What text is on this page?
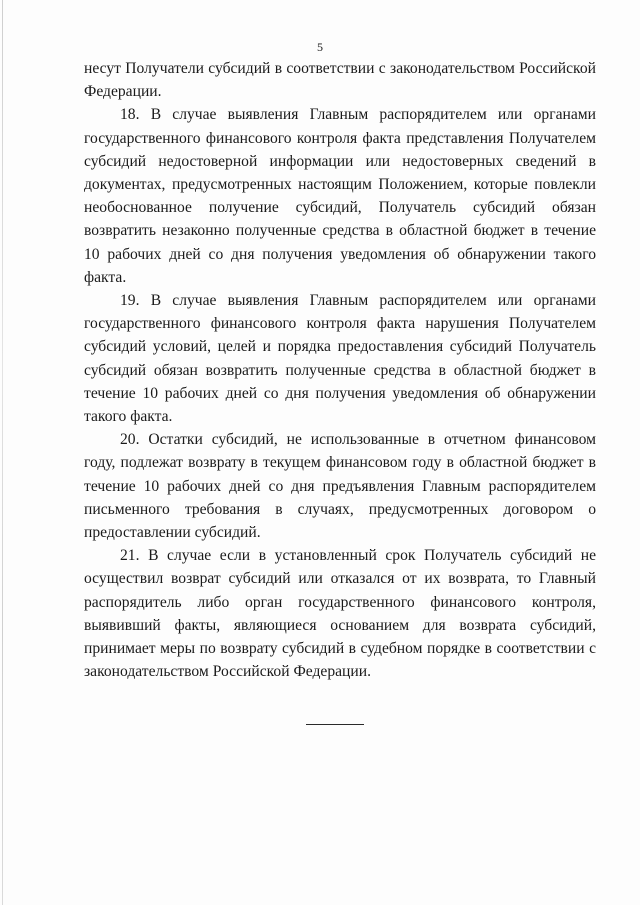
5

несут Получатели субсидий в соответствии с законодательством Российской Федерации.

18. В случае выявления Главным распорядителем или органами государственного финансового контроля факта представления Получателем субсидий недостоверной информации или недостоверных сведений в документах, предусмотренных настоящим Положением, которые повлекли необоснованное получение субсидий, Получатель субсидий обязан возвратить незаконно полученные средства в областной бюджет в течение 10 рабочих дней со дня получения уведомления об обнаружении такого факта.

19. В случае выявления Главным распорядителем или органами государственного финансового контроля факта нарушения Получателем субсидий условий, целей и порядка предоставления субсидий Получатель субсидий обязан возвратить полученные средства в областной бюджет в течение 10 рабочих дней со дня получения уведомления об обнаружении такого факта.

20. Остатки субсидий, не использованные в отчетном финансовом году, подлежат возврату в текущем финансовом году в областной бюджет в течение 10 рабочих дней со дня предъявления Главным распорядителем письменного требования в случаях, предусмотренных договором о предоставлении субсидий.

21. В случае если в установленный срок Получатель субсидий не осуществил возврат субсидий или отказался от их возврата, то Главный распорядитель либо орган государственного финансового контроля, выявивший факты, являющиеся основанием для возврата субсидий, принимает меры по возврату субсидий в судебном порядке в соответствии с законодательством Российской Федерации.
